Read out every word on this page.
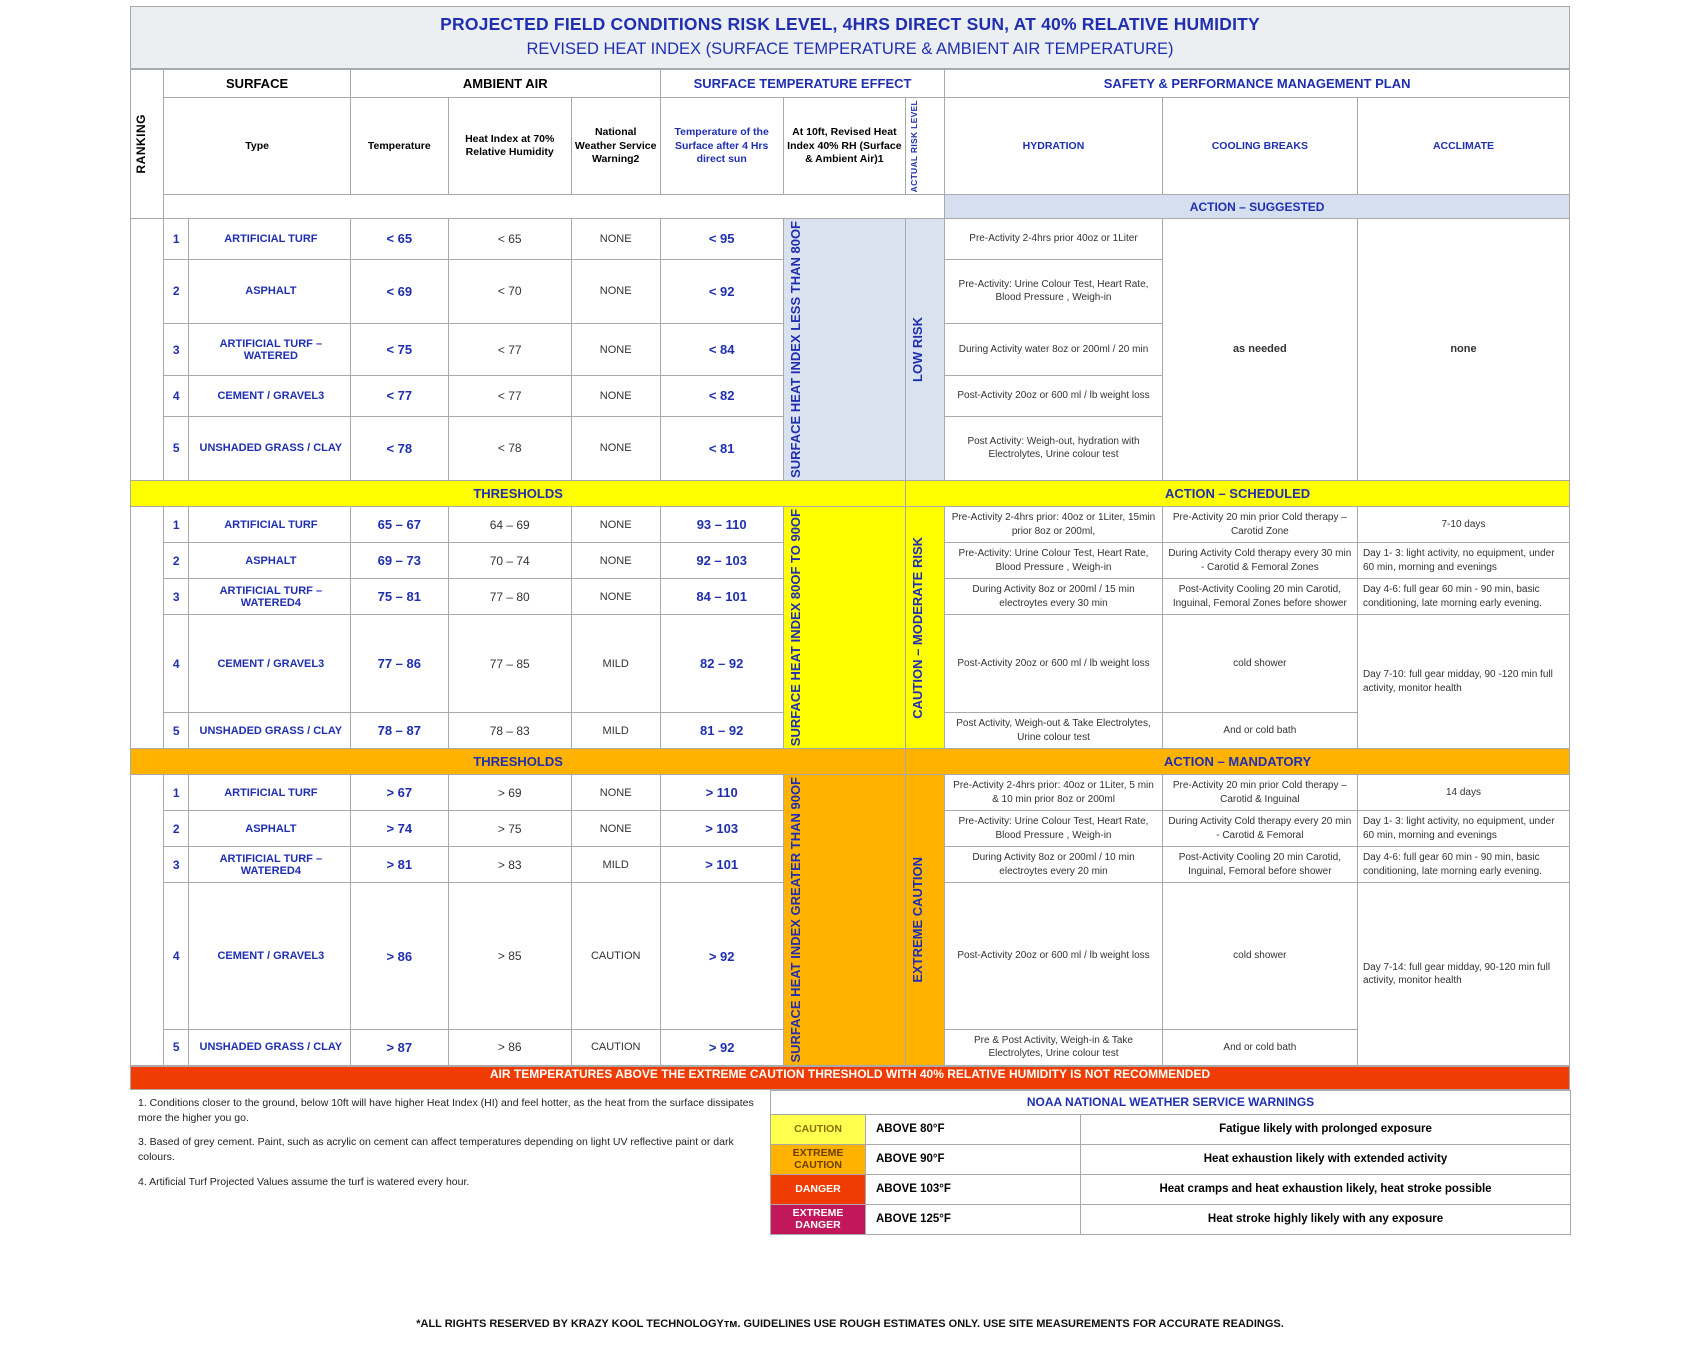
PROJECTED FIELD CONDITIONS RISK LEVEL, 4HRS DIRECT SUN, AT 40% RELATIVE HUMIDITY
REVISED HEAT INDEX (SURFACE TEMPERATURE & AMBIENT AIR TEMPERATURE)
RANKING	SURFACE		AMBIENT AIR			SURFACE TEMPERATURE EFFECT			SAFETY & PERFORMANCE MANAGEMENT PLAN		
	Type		Temperature	Heat Index at 70% Relative Humidity	National Weather Service Warning2	Temperature of the Surface after 4 Hrs direct sun	At 10ft, Revised Heat Index 40% RH (Surface & Ambient Air)1	ACTUAL RISK LEVEL	HYDRATION	COOLING BREAKS	ACCLIMATE
									ACTION – SUGGESTED		
	1	ARTIFICIAL TURF	< 65	< 65	NONE	< 95	SURFACE HEAT INDEX LESS THAN 80OF	LOW RISK	Pre-Activity 2-4hrs prior 40oz or 1Liter	as needed	none
	2	ASPHALT	< 69	< 70	NONE	< 92			Pre-Activity: Urine Colour Test, Heart Rate, Blood Pressure , Weigh-in		
	3	ARTIFICIAL TURF – WATERED	< 75	< 77	NONE	< 84			During Activity water 8oz or 200ml / 20 min		
	4	CEMENT / GRAVEL3	< 77	< 77	NONE	< 82			Post-Activity 20oz or 600 ml / lb weight loss		
	5	UNSHADED GRASS / CLAY	< 78	< 78	NONE	< 81			Post Activity: Weigh-out, hydration with Electrolytes, Urine colour test		
THRESHOLDS								ACTION – SCHEDULED			
	1	ARTIFICIAL TURF	65 – 67	64 – 69	NONE	93 – 110	SURFACE HEAT INDEX 80OF TO 90OF	CAUTION – MODERATE RISK	Pre-Activity 2-4hrs prior: 40oz or 1Liter, 15min prior 8oz or 200ml,	Pre-Activity 20 min prior Cold therapy – Carotid Zone	7-10 days
	2	ASPHALT	69 – 73	70 – 74	NONE	92 – 103			Pre-Activity: Urine Colour Test, Heart Rate, Blood Pressure , Weigh-in	During Activity Cold therapy every 30 min - Carotid & Femoral Zones	Day 1- 3: light activity, no equipment, under 60 min, morning and evenings
	3	ARTIFICIAL TURF – WATERED4	75 – 81	77 – 80	NONE	84 – 101			During Activity 8oz or 200ml / 15 min electroytes every 30 min	Post-Activity Cooling 20 min Carotid, Inguinal, Femoral Zones before shower	Day 4-6: full gear 60 min - 90 min, basic conditioning, late morning early evening.
	4	CEMENT / GRAVEL3	77 – 86	77 – 85	MILD	82 – 92			Post-Activity 20oz or 600 ml / lb weight loss	cold shower	Day 7-10: full gear midday, 90 -120 min full activity, monitor health
	5	UNSHADED GRASS / CLAY	78 – 87	78 – 83	MILD	81 – 92			Post Activity, Weigh-out & Take Electrolytes, Urine colour test	And or cold bath	
THRESHOLDS								ACTION – MANDATORY			
	1	ARTIFICIAL TURF	> 67	> 69	NONE	> 110	SURFACE HEAT INDEX GREATER THAN 90OF	EXTREME CAUTION	Pre-Activity 2-4hrs prior: 40oz or 1Liter, 5 min & 10 min prior 8oz or 200ml	Pre-Activity 20 min prior Cold therapy – Carotid & Inguinal	14 days
	2	ASPHALT	> 74	> 75	NONE	> 103			Pre-Activity: Urine Colour Test, Heart Rate, Blood Pressure , Weigh-in	During Activity Cold therapy every 20 min - Carotid & Femoral	Day 1- 3: light activity, no equipment, under 60 min, morning and evenings
	3	ARTIFICIAL TURF – WATERED4	> 81	> 83	MILD	> 101			During Activity 8oz or 200ml / 10 min electroytes every 20 min	Post-Activity Cooling 20 min Carotid, Inguinal, Femoral before shower	Day 4-6: full gear 60 min - 90 min, basic conditioning, late morning early evening.
	4	CEMENT / GRAVEL3	> 86	> 85	CAUTION	> 92			Post-Activity 20oz or 600 ml / lb weight loss	cold shower	Day 7-14: full gear midday, 90-120 min full activity, monitor health
	5	UNSHADED GRASS / CLAY	> 87	> 86	CAUTION	> 92			Pre & Post Activity, Weigh-in & Take Electrolytes, Urine colour test	And or cold bath	
AIR TEMPERATURES ABOVE THE EXTREME CAUTION THRESHOLD WITH 40% RELATIVE HUMIDITY IS NOT RECOMMENDED

1. Conditions closer to the ground, below 10ft will have higher Heat Index (HI) and feel hotter, as the heat from the surface dissipates more the higher you go.

3. Based of grey cement. Paint, such as acrylic on cement can affect temperatures depending on light UV reflective paint or dark colours.

4. Artificial Turf Projected Values assume the turf is watered every hour.

NOAA NATIONAL WEATHER SERVICE WARNINGS		
CAUTION	ABOVE 80°F	Fatigue likely with prolonged exposure
EXTREME CAUTION	ABOVE 90°F	Heat exhaustion likely with extended activity
DANGER	ABOVE 103°F	Heat cramps and heat exhaustion likely, heat stroke possible
EXTREME DANGER	ABOVE 125°F	Heat stroke highly likely with any exposure
*ALL RIGHTS RESERVED BY KRAZY KOOL TECHNOLOGYтм. GUIDELINES USE ROUGH ESTIMATES ONLY. USE SITE MEASUREMENTS FOR ACCURATE READINGS.
